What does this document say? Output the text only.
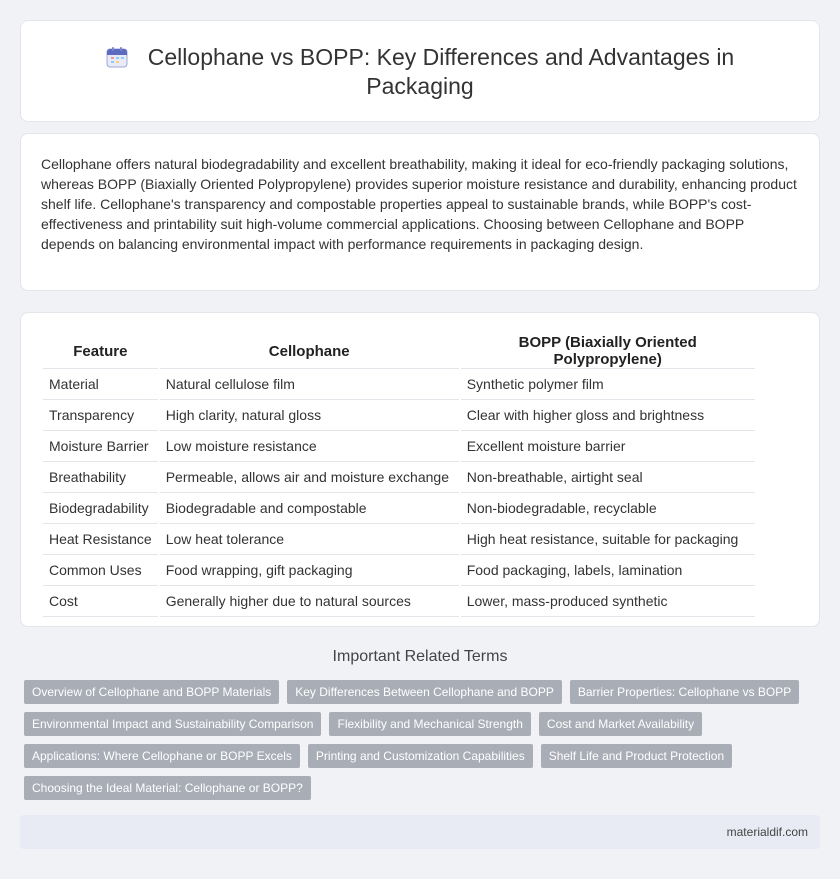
Cellophane vs BOPP: Key Differences and Advantages in Packaging

Cellophane offers natural biodegradability and excellent breathability, making it ideal for eco-friendly packaging solutions, whereas BOPP (Biaxially Oriented Polypropylene) provides superior moisture resistance and durability, enhancing product shelf life. Cellophane's transparency and compostable properties appeal to sustainable brands, while BOPP's cost-effectiveness and printability suit high-volume commercial applications. Choosing between Cellophane and BOPP depends on balancing environmental impact with performance requirements in packaging design.

Feature	Cellophane	BOPP (Biaxially Oriented Polypropylene)
Material	Natural cellulose film	Synthetic polymer film
Transparency	High clarity, natural gloss	Clear with higher gloss and brightness
Moisture Barrier	Low moisture resistance	Excellent moisture barrier
Breathability	Permeable, allows air and moisture exchange	Non-breathable, airtight seal
Biodegradability	Biodegradable and compostable	Non-biodegradable, recyclable
Heat Resistance	Low heat tolerance	High heat resistance, suitable for packaging
Common Uses	Food wrapping, gift packaging	Food packaging, labels, lamination
Cost	Generally higher due to natural sources	Lower, mass-produced synthetic
Important Related Terms
Overview of Cellophane and BOPP Materials	Key Differences Between Cellophane and BOPP	Barrier Properties: Cellophane vs BOPP
Environmental Impact and Sustainability Comparison	Flexibility and Mechanical Strength	Cost and Market Availability
Applications: Where Cellophane or BOPP Excels	Printing and Customization Capabilities	Shelf Life and Product Protection
Choosing the Ideal Material: Cellophane or BOPP?
materialdif.com
